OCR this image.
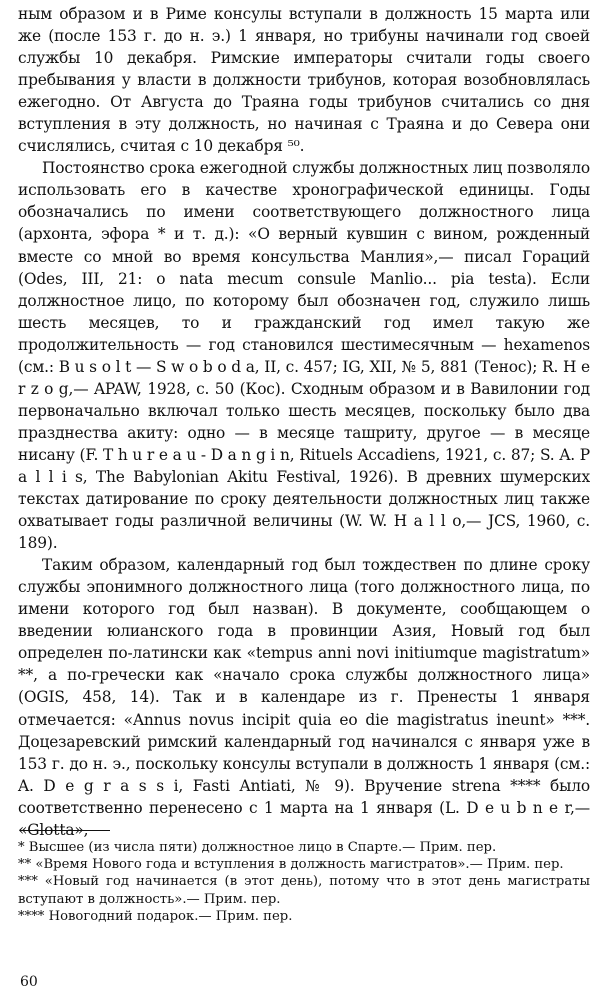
ным образом и в Риме консулы вступали в должность 15 марта или же (после 153 г. до н. э.) 1 января, но трибуны начинали год своей службы 10 декабря. Римские императоры считали годы своего пребывания у власти в должности трибунов, которая возобновлялась ежегодно. От Августа до Траяна годы трибунов считались со дня вступления в эту должность, но начиная с Траяна и до Севера они счислялись, считая с 10 декабря ⁵⁰.

Постоянство срока ежегодной службы должностных лиц позволяло использовать его в качестве хронографической единицы. Годы обозначались по имени соответствующего должностного лица (архонта, эфора * и т. д.): «О верный кувшин с вином, рожденный вместе со мной во время консульства Манлия»,— писал Гораций (Odes, III, 21: o nata mecum consule Manlio... pia testa). Если должностное лицо, по которому был обозначен год, служило лишь шесть месяцев, то и гражданский год имел такую же продолжительность — год становился шестимесячным — hexamenos (см.: B u s o l t — S w o b o d a, II, с. 457; IG, XII, № 5, 881 (Тенос); R. H e r z o g,— APAW, 1928, с. 50 (Кос). Сходным образом и в Вавилонии год первоначально включал только шесть месяцев, поскольку было два празднества акиту: одно — в месяце ташриту, другое — в месяце нисану (F. T h u r e a u - D a n g i n, Rituels Accadiens, 1921, с. 87; S. A. P a l l i s, The Babylonian Akitu Festival, 1926). В древних шумерских текстах датирование по сроку деятельности должностных лиц также охватывает годы различной величины (W. W. H a l l o,— JCS, 1960, с. 189).

Таким образом, календарный год был тождествен по длине сроку службы эпонимного должностного лица (того должностного лица, по имени которого год был назван). В документе, сообщающем о введении юлианского года в провинции Азия, Новый год был определен по-латински как «tempus anni novi initiumque magistratum» **, а по-гречески как «начало срока службы должностного лица» (OGIS, 458, 14). Так и в календаре из г. Пренесты 1 января отмечается: «Annus novus incipit quia eo die magistratus ineunt» ***. Доцезаревский римский календарный год начинался с января уже в 153 г. до н. э., поскольку консулы вступали в должность 1 января (см.: A. D e g r a s s i, Fasti Antiati, № 9). Вручение strena **** было соответственно перенесено с 1 марта на 1 января (L. D e u b n e r,— «Glotta»,

* Высшее (из числа пяти) должностное лицо в Спарте.— Прим. пер.

** «Время Нового года и вступления в должность магистратов».— Прим. пер.

*** «Новый год начинается (в этот день), потому что в этот день магистраты вступают в должность».— Прим. пер.

**** Новогодний подарок.— Прим. пер.

60
